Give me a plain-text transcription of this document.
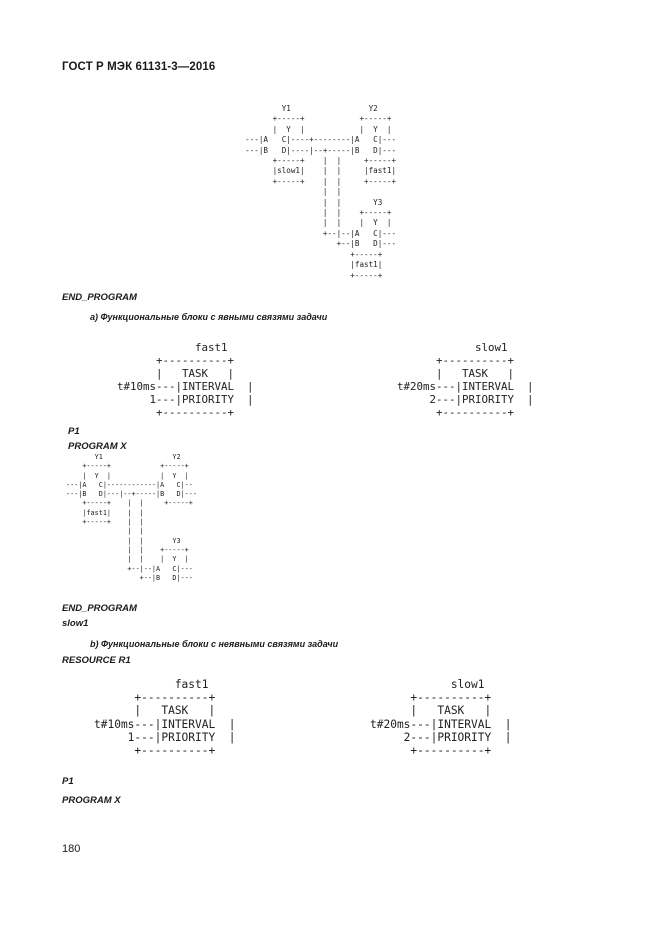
ГОСТ Р МЭК 61131-3—2016
Y1                 Y2
+-----+            +-----+
|  Y  |            |  Y  |
---|A   C|----+--------|A   C|---
---|B   D|----|--+-----|B   D|---
+-----+    |  |     +-----+
|slow1|    |  |     |fast1|
+-----+    |  |     +-----+
|  |
|  |       Y3
|  |    +-----+
|  |    |  Y  |
+--|--|A   C|---
+--|B   D|---
+-----+
|fast1|
+-----+
END_PROGRAM
a) Функциональные блоки с явными связями задачи
fast1
+----------+
|   TASK   |
t#10ms---|INTERVAL  |
1---|PRIORITY  |
+----------+
slow1
+----------+
|   TASK   |
t#20ms---|INTERVAL  |
2---|PRIORITY  |
+----------+
P1
PROGRAM X
Y1                 Y2
+-----+            +-----+
|  Y  |            |  Y  |
---|A   C|------------|A   C|--
---|B   D|---|--+-----|B   D|---
+-----+    |  |     +-----+
|fast1|    |  |
+-----+    |  |
|  |
|  |       Y3
|  |    +-----+
|  |    |  Y  |
+--|--|A   C|---
+--|B   D|---
END_PROGRAM
slow1
b) Функциональные блоки с неявными связями задачи
RESOURCE R1
fast1
+----------+
|   TASK   |
t#10ms---|INTERVAL  |
1---|PRIORITY  |
+----------+
slow1
+----------+
|   TASK   |
t#20ms---|INTERVAL  |
2---|PRIORITY  |
+----------+
P1
PROGRAM X
180
